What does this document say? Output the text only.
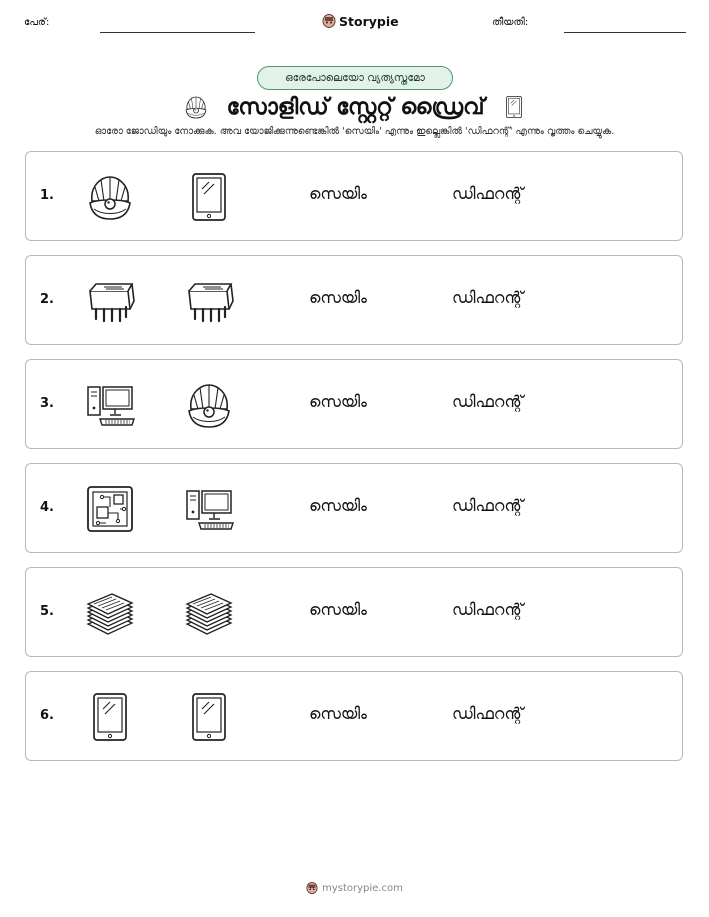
പേര്:	Storypie	തീയതി:
ഒരേപോലെയോ വ്യത്യസ്തമോ
സോളിഡ് സ്റ്റേറ്റ് ഡ്രൈവ്
ഓരോ ജോഡിയും നോക്കുക. അവ യോജിക്കുന്നുണ്ടെങ്കിൽ 'സെയിം' എന്നും ഇല്ലെങ്കിൽ 'ഡിഫറന്റ്' എന്നും വൃത്തം ചെയ്യുക.
1.	സെയിം	ഡിഫറന്റ്
2.	സെയിം	ഡിഫറന്റ്
3.	സെയിം	ഡിഫറന്റ്
4.	സെയിം	ഡിഫറന്റ്
5.	സെയിം	ഡിഫറന്റ്
6.	സെയിം	ഡിഫറന്റ്
mystorypie.com
